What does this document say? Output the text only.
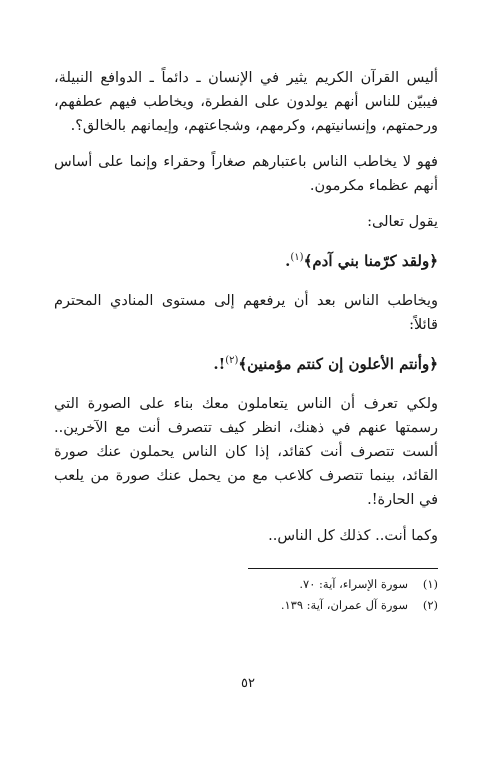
أليس القرآن الكريم يثير في الإنسان ـ دائماً ـ الدوافع النبيلة، فيبيّن للناس أنهم يولدون على الفطرة، ويخاطب فيهم عطفهم، ورحمتهم، وإنسانيتهم، وكرمهم، وشجاعتهم، وإيمانهم بالخالق؟.

فهو لا يخاطب الناس باعتبارهم صغاراً وحقراء وإنما على أساس أنهم عظماء مكرمون.

يقول تعالى:

﴿ولقد كرّمنا بني آدم﴾$^{(١)}$.

ويخاطب الناس بعد أن يرفعهم إلى مستوى المنادي المحترم قائلاً:

﴿وأنتم الأعلون إن كنتم مؤمنين﴾$^{(٢)}$!.

ولكي تعرف أن الناس يتعاملون معك بناء على الصورة التي رسمتها عنهم في ذهنك، انظر كيف تتصرف أنت مع الآخرين.. ألست تتصرف أنت كقائد، إذا كان الناس يحملون عنك صورة القائد، بينما تتصرف كلاعب مع من يحمل عنك صورة من يلعب في الحارة!.

وكما أنت.. كذلك كل الناس..

(١)
سورة الإسراء، آية: ٧٠.
(٢)
سورة آل عمران، آية: ١٣٩.
٥٢
